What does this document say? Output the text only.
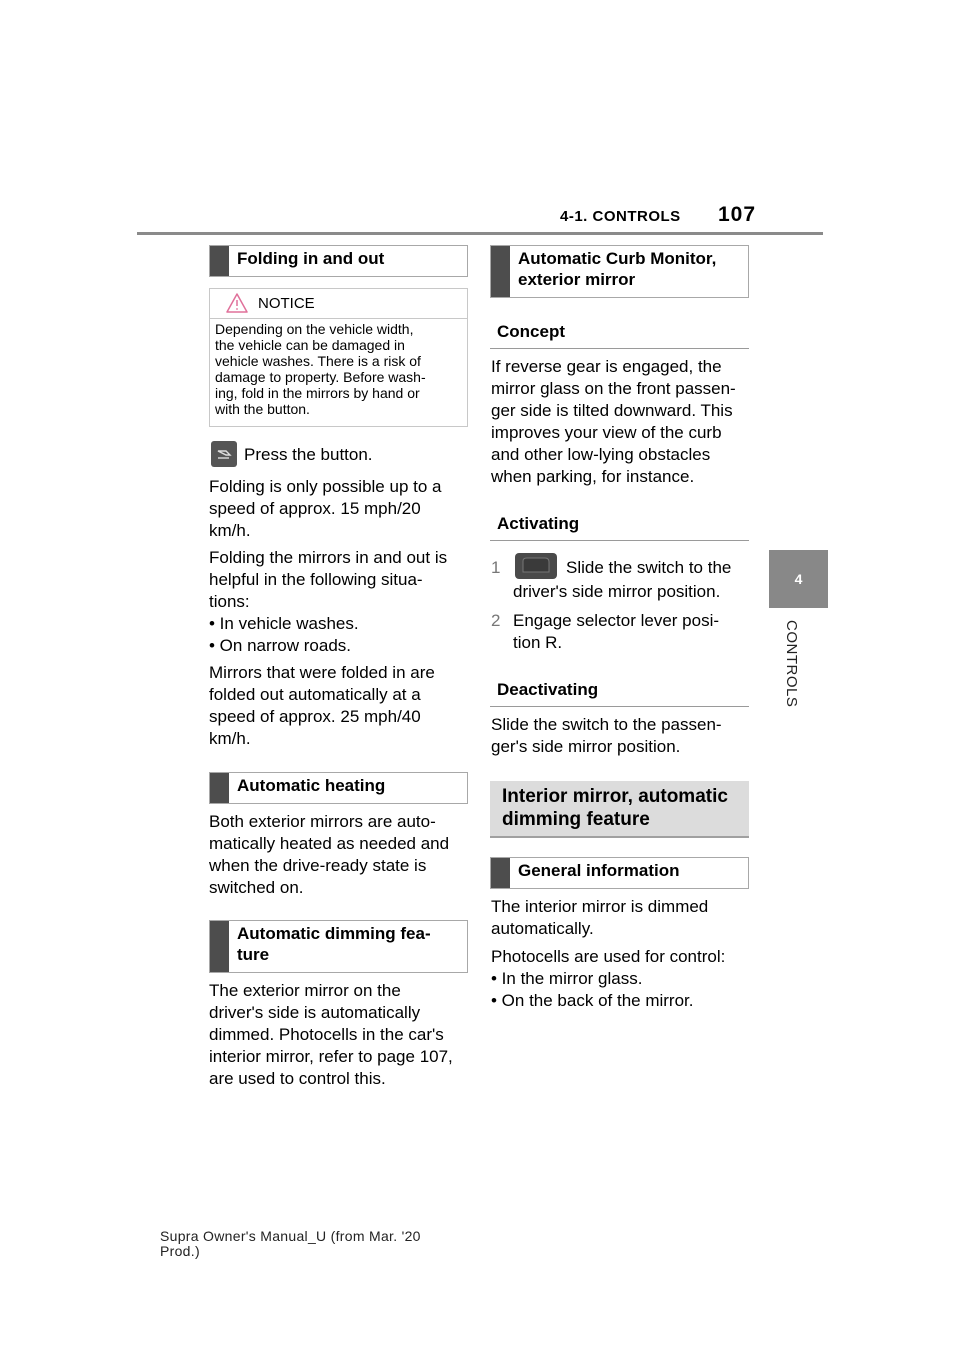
4-1. CONTROLS 107
4
CONTROLS
Folding in and out
NOTICE
Depending on the vehicle width,
the vehicle can be damaged in
vehicle washes. There is a risk of
damage to property. Before wash-
ing, fold in the mirrors by hand or
with the button.
Press the button.
Folding is only possible up to a
speed of approx. 15 mph/20
km/h.
Folding the mirrors in and out is
helpful in the following situa-
tions:
• In vehicle washes.
• On narrow roads.
Mirrors that were folded in are
folded out automatically at a
speed of approx. 25 mph/40
km/h.
Automatic heating
Both exterior mirrors are auto-
matically heated as needed and
when the drive-ready state is
switched on.
Automatic dimming fea-
ture
The exterior mirror on the
driver's side is automatically
dimmed. Photocells in the car's
interior mirror, refer to page 107,
are used to control this.
Automatic Curb Monitor,
exterior mirror
Concept
If reverse gear is engaged, the
mirror glass on the front passen-
ger side is tilted downward. This
improves your view of the curb
and other low-lying obstacles
when parking, for instance.
Activating
1	Slide the switch to the
driver's side mirror position.
2 Engage selector lever posi-
tion R.
Deactivating
Slide the switch to the passen-
ger's side mirror position.
Interior mirror, automatic
dimming feature
General information
The interior mirror is dimmed
automatically.
Photocells are used for control:
• In the mirror glass.
• On the back of the mirror.
Supra Owner's Manual_U (from Mar. '20
Prod.)
